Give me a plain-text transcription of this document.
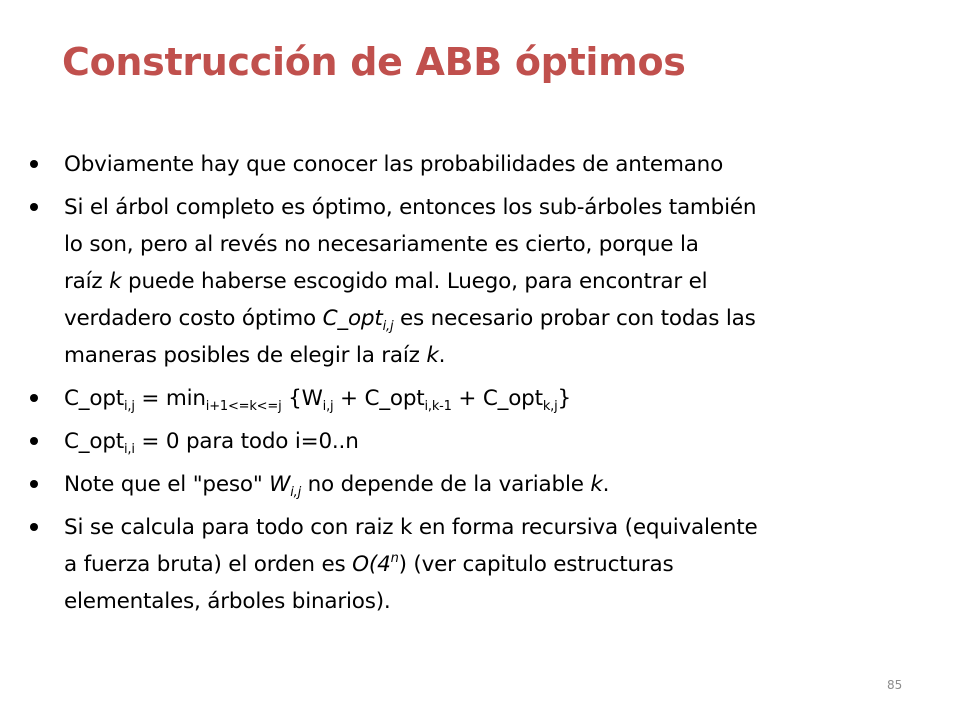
Construcción de ABB óptimos
Obviamente hay que conocer las probabilidades de antemano
Si el árbol completo es óptimo, entonces los sub-árboles también
lo son, pero al revés no necesariamente es cierto, porque la
raíz k puede haberse escogido mal. Luego, para encontrar el
verdadero costo óptimo C_opt$_{i,j}$ es necesario probar con todas las
maneras posibles de elegir la raíz k.
C_opt$_{i,j}$ = $\min_{i+1<=k<=j} \{W_{i,j}$ + C_opt$_{i,k-1}$ + C_opt$_{k,j}$}
C_opt$_{i,i}$ = 0 para todo i=0..n
Note que el "peso" $W_{i,j}$ no depende de la variable k.
Si se calcula para todo con raiz k en forma recursiva (equivalente
a fuerza bruta) el orden es O(4$^n$) (ver capitulo estructuras
elementales, árboles binarios).
85
